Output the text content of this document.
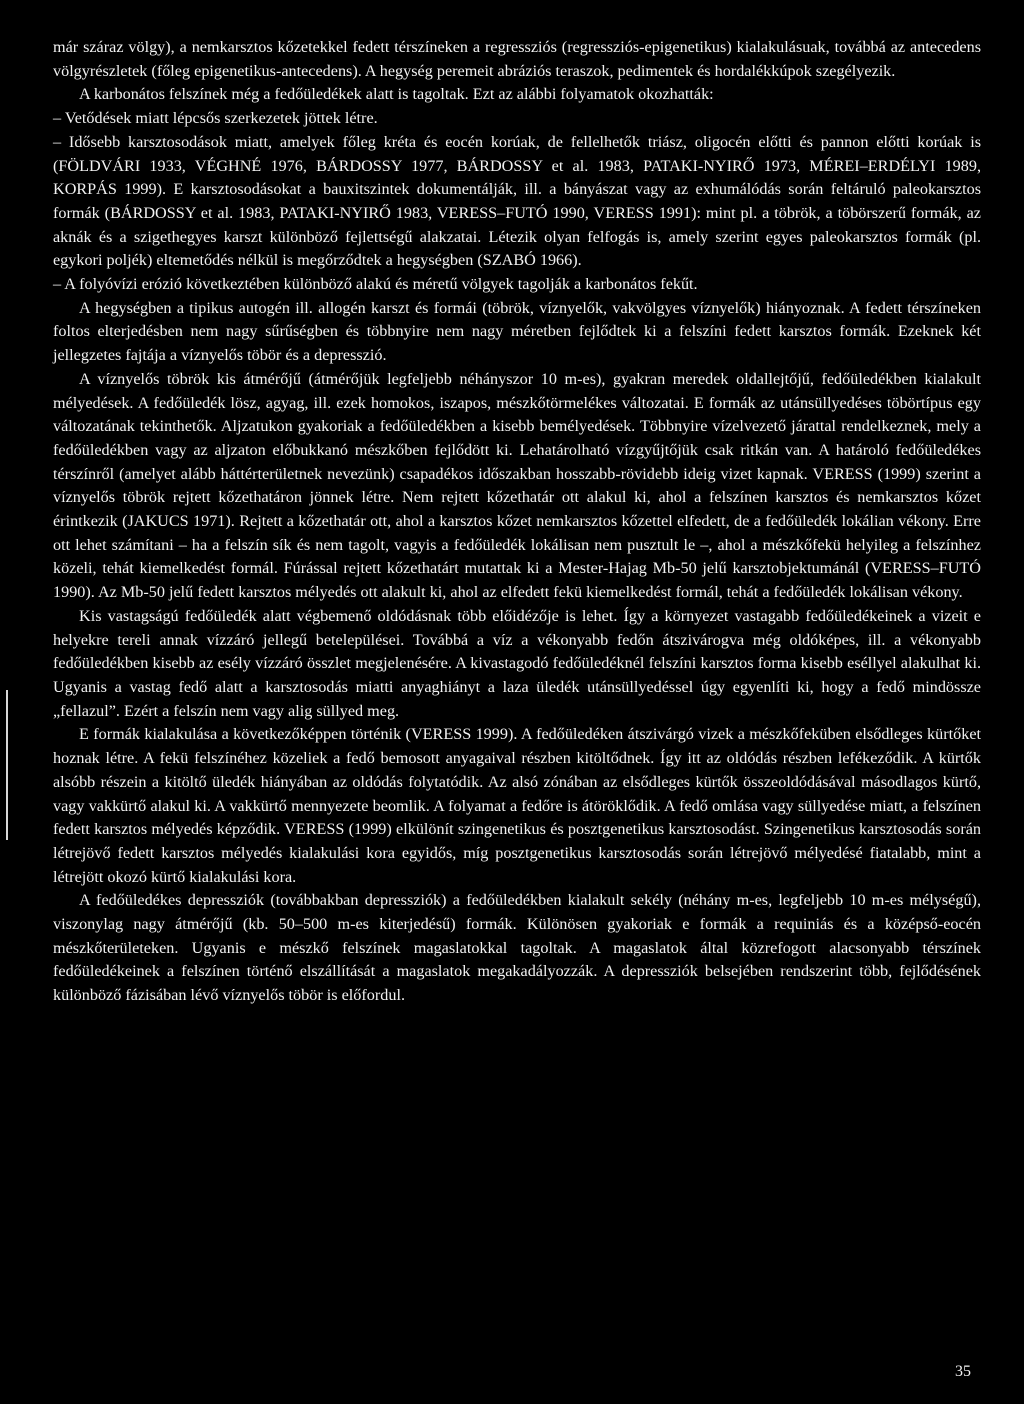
már száraz völgy), a nemkarsztos kőzetekkel fedett térszíneken a regressziós (regressziós-epigenetikus) kialakulásuak, továbbá az antecedens völgyrészletek (főleg epigenetikus-antecedens). A hegység peremeit abráziós teraszok, pedimentek és hordalékkúpok szegélyezik.

A karbonátos felszínek még a fedőüledékek alatt is tagoltak. Ezt az alábbi folyamatok okozhatták:

– Vetődések miatt lépcsős szerkezetek jöttek létre.

– Idősebb karsztosodások miatt, amelyek főleg kréta és eocén korúak, de fellelhetők triász, oligocén előtti és pannon előtti korúak is (FÖLDVÁRI 1933, VÉGHNÉ 1976, BÁRDOSSY 1977, BÁRDOSSY et al. 1983, PATAKI-NYIRŐ 1973, MÉREI–ERDÉLYI 1989, KORPÁS 1999). E karsztosodásokat a bauxitszintek dokumentálják, ill. a bányászat vagy az exhumálódás során feltáruló paleokarsztos formák (BÁRDOSSY et al. 1983, PATAKI-NYIRŐ 1983, VERESS–FUTÓ 1990, VERESS 1991): mint pl. a töbrök, a töbörszerű formák, az aknák és a szigethegyes karszt különböző fejlettségű alakzatai. Létezik olyan felfogás is, amely szerint egyes paleokarsztos formák (pl. egykori poljék) eltemetődés nélkül is megőrződtek a hegységben (SZABÓ 1966).

– A folyóvízi erózió következtében különböző alakú és méretű völgyek tagolják a karbonátos fekűt.

A hegységben a tipikus autogén ill. allogén karszt és formái (töbrök, víznyelők, vakvölgyes víznyelők) hiányoznak. A fedett térszíneken foltos elterjedésben nem nagy sűrűségben és többnyire nem nagy méretben fejlődtek ki a felszíni fedett karsztos formák. Ezeknek két jellegzetes fajtája a víznyelős töbör és a depresszió.

A víznyelős töbrök kis átmérőjű (átmérőjük legfeljebb néhányszor 10 m-es), gyakran meredek oldallejtőjű, fedőüledékben kialakult mélyedések. A fedőüledék lösz, agyag, ill. ezek homokos, iszapos, mészkőtörmelékes változatai. E formák az utánsüllyedéses töbörtípus egy változatának tekinthetők. Aljzatukon gyakoriak a fedőüledékben a kisebb bemélyedések. Többnyire vízelvezető járattal rendelkeznek, mely a fedőüledékben vagy az aljzaton előbukkanó mészkőben fejlődött ki. Lehatárolható vízgyűjtőjük csak ritkán van. A határoló fedőüledékes térszínről (amelyet alább háttérterületnek nevezünk) csapadékos időszakban hosszabb-rövidebb ideig vizet kapnak. VERESS (1999) szerint a víznyelős töbrök rejtett kőzethatáron jönnek létre. Nem rejtett kőzethatár ott alakul ki, ahol a felszínen karsztos és nemkarsztos kőzet érintkezik (JAKUCS 1971). Rejtett a kőzethatár ott, ahol a karsztos kőzet nemkarsztos kőzettel elfedett, de a fedőüledék lokálian vékony. Erre ott lehet számítani – ha a felszín sík és nem tagolt, vagyis a fedőüledék lokálisan nem pusztult le –, ahol a mészkőfekü helyileg a felszínhez közeli, tehát kiemelkedést formál. Fúrással rejtett kőzethatárt mutattak ki a Mester-Hajag Mb-50 jelű karsztobjektumánál (VERESS–FUTÓ 1990). Az Mb-50 jelű fedett karsztos mélyedés ott alakult ki, ahol az elfedett fekü kiemelkedést formál, tehát a fedőüledék lokálisan vékony.

Kis vastagságú fedőüledék alatt végbemenő oldódásnak több előidézője is lehet. Így a környezet vastagabb fedőüledékeinek a vizeit e helyekre tereli annak vízzáró jellegű betelepülései. Továbbá a víz a vékonyabb fedőn átszivárogva még oldóképes, ill. a vékonyabb fedőüledékben kisebb az esély vízzáró összlet megjelenésére. A kivastagodó fedőüledéknél felszíni karsztos forma kisebb eséllyel alakulhat ki. Ugyanis a vastag fedő alatt a karsztosodás miatti anyaghiányt a laza üledék utánsüllyedéssel úgy egyenlíti ki, hogy a fedő mindössze „fellazul”. Ezért a felszín nem vagy alig süllyed meg.

E formák kialakulása a következőképpen történik (VERESS 1999). A fedőüledéken átszivárgó vizek a mészkőfeküben elsődleges kürtőket hoznak létre. A fekü felszínéhez közeliek a fedő bemosott anyagaival részben kitöltődnek. Így itt az oldódás részben lefékeződik. A kürtők alsóbb részein a kitöltő üledék hiányában az oldódás folytatódik. Az alsó zónában az elsődleges kürtők összeoldódásával másodlagos kürtő, vagy vakkürtő alakul ki. A vakkürtő mennyezete beomlik. A folyamat a fedőre is átöröklődik. A fedő omlása vagy süllyedése miatt, a felszínen fedett karsztos mélyedés képződik. VERESS (1999) elkülönít szingenetikus és posztgenetikus karsztosodást. Szingenetikus karsztosodás során létrejövő fedett karsztos mélyedés kialakulási kora egyidős, míg posztgenetikus karsztosodás során létrejövő mélyedésé fiatalabb, mint a létrejött okozó kürtő kialakulási kora.

A fedőüledékes depressziók (továbbakban depressziók) a fedőüledékben kialakult sekély (néhány m-es, legfeljebb 10 m-es mélységű), viszonylag nagy átmérőjű (kb. 50–500 m-es kiterjedésű) formák. Különösen gyakoriak e formák a requiniás és a középső-eocén mészkőterületeken. Ugyanis e mészkő felszínek magaslatokkal tagoltak. A magaslatok által közrefogott alacsonyabb térszínek fedőüledékeinek a felszínen történő elszállítását a magaslatok megakadályozzák. A depressziók belsejében rendszerint több, fejlődésének különböző fázisában lévő víznyelős töbör is előfordul.

35
